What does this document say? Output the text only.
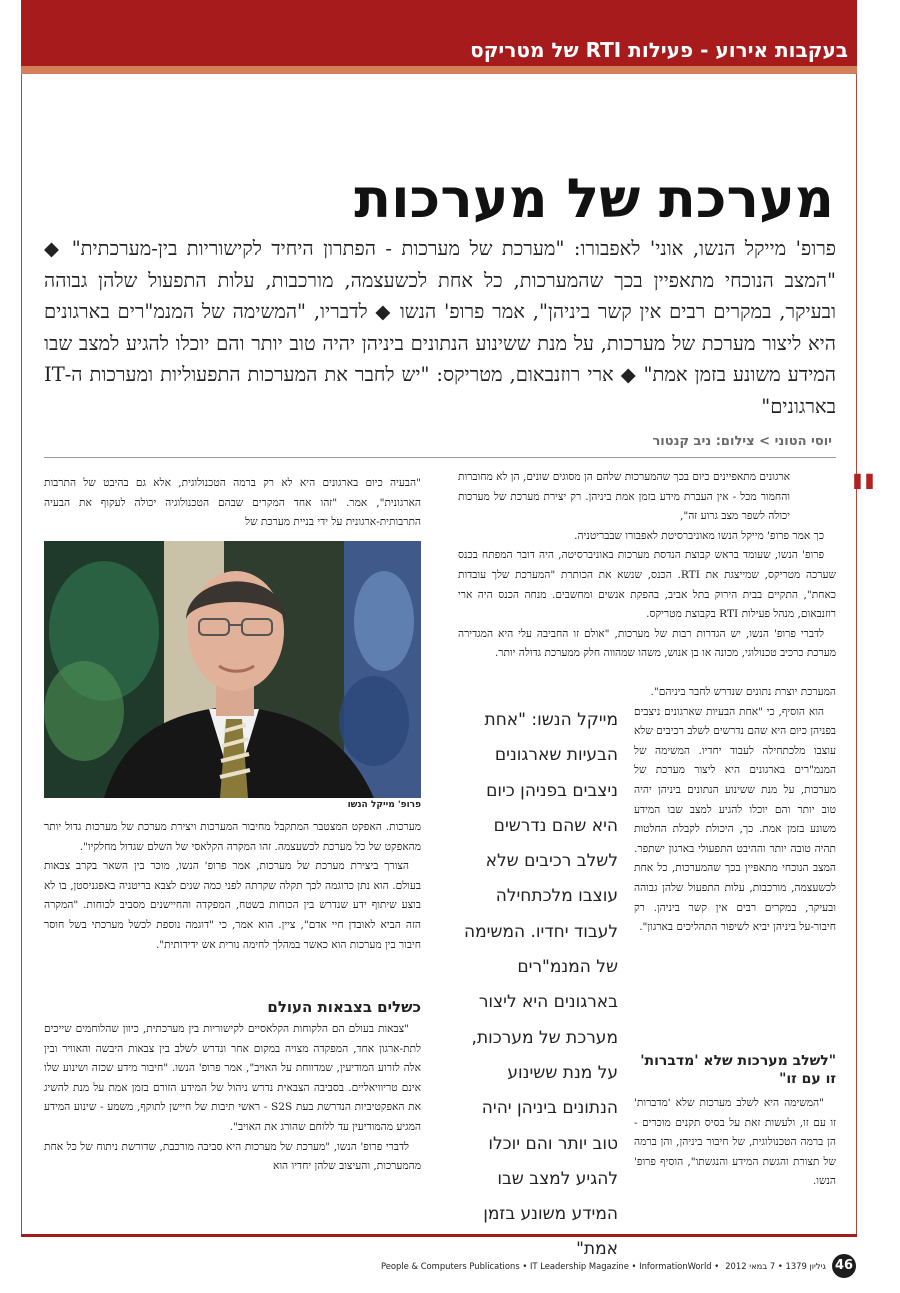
בעקבות אירוע - פעילות RTI של מטריקס
מערכת של מערכות
פרופ' מייקל הנשו, אוני' לאפבורו: "מערכת של מערכות - הפתרון היחיד לקישוריות בין-מערכתית" ◆ "המצב הנוכחי מתאפיין בכך שהמערכות, כל אחת לכשעצמה, מורכבות, עלות התפעול שלהן גבוהה ובעיקר, במקרים רבים אין קשר ביניהן", אמר פרופ' הנשו ◆ לדבריו, "המשימה של המנמ"רים בארגונים היא ליצור מערכת של מערכות, על מנת ששינוע הנתונים ביניהן יהיה טוב יותר והם יוכלו להגיע למצב שבו המידע משונע בזמן אמת" ◆ ארי רוזנבאום, מטריקס: "יש לחבר את המערכות התפעוליות ומערכות ה-IT בארגונים"
יוסי הטוני > צילום: ניב קנטור
"

ארגונים מתאפיינים כיום בכך שהמערכות שלהם הן מסוגים שונים, הן לא מחוברות והחמור מכל - אין העברת מידע בזמן אמת ביניהן. רק יצירת מערכת של מערכות יכולה לשפר מצב גרוע זה",

כך אמר פרופ' מייקל הנשו מאוניברסיטת לאפבורו שבבריטניה.

פרופ' הנשו, שעומד בראש קבוצת הנדסת מערכות באוניברסיטה, היה דובר המפתח בכנס שערכה מטריקס, שמייצגת את RTI. הכנס, שנשא את הכותרת "המערכת שלך עובדות כאחת", התקיים בבית הירוק בתל אביב, בהפקת אנשים ומחשבים. מנחה הכנס היה ארי רוזנבאום, מנהל פעילות RTI בקבוצת מטריקס.

לדברי פרופ' הנשו, יש הגדרות רבות של מערכות, "אולם זו החביבה עלי היא המגדירה מערכת כרכיב טכנולוגי, מכונה או בן אנוש, משהו שמהווה חלק ממערכת גדולה יותר.

המערכת יוצרת נתונים שנדרש לחבר ביניהם".

הוא הוסיף, כי "אחת הבעיות שארגונים ניצבים בפניהן כיום היא שהם נדרשים לשלב רכיבים שלא עוצבו מלכתחילה לעבוד יחדיו. המשימה של המנמ"רים בארגונים היא ליצור מערכת של מערכות, על מנת ששינוע הנתונים ביניהן יהיה טוב יותר והם יוכלו להגיע למצב שבו המידע משונע בזמן אמת. כך, היכולת לקבלת החלטות תהיה טובה יותר וההיבט התפעולי בארגון ישתפר. המצב הנוכחי מתאפיין בכך שהמערכות, כל אחת לכשעצמה, מורכבות, עלות התפעול שלהן גבוהה ובעיקר, במקרים רבים אין קשר ביניהן. רק חיבור-על ביניהן יביא לשיפור התהליכים בארגון".

"לשלב מערכות שלא 'מדברות' זו עם זו"

"המשימה היא לשלב מערכות שלא 'מדברות' זו עם זו, ולעשות זאת על בסיס תקנים מוכרים - הן ברמה הטכנולוגית, של חיבור ביניהן, והן ברמה של תצורת והגשת המידע והנגשתו", הוסיף פרופ' הנשו.

מייקל הנשו: "אחת הבעיות שארגונים ניצבים בפניהן כיום היא שהם נדרשים לשלב רכיבים שלא עוצבו מלכתחילה לעבוד יחדיו. המשימה של המנמ"רים בארגונים היא ליצור מערכת של מערכות, על מנת ששינוע הנתונים ביניהן יהיה טוב יותר והם יוכלו להגיע למצב שבו המידע משונע בזמן אמת"

"הבעיה כיום בארגונים היא לא רק ברמה הטכנולוגית, אלא גם בהיבט של התרבות הארגונית", אמר. "זהו אחד המקרים שבהם הטכנולוגיה יכולה לעקוף את הבעיה התרבותית-ארגונית על ידי בניית מערכת של

פרופ' מייקל הנשו

מערכות. האפקט המצטבר המתקבל מחיבור המערכות ויצירת מערכת של מערכות גדול יותר מהאפקט של כל מערכת לכשעצמה. זהו המקרה הקלאסי של השלם שגדול מחלקיו".

הצורך ביצירת מערכת של מערכות, אמר פרופ' הנשו, מוכר בין השאר בקרב צבאות בעולם. הוא נתן כדוגמה לכך תקלה שקרתה לפני כמה שנים לצבא בריטניה באפגניסטן, בו לא בוצע שיתוף ידע שנדרש בין הכוחות בשטח, המפקדה והחיישנים מסביב לכוחות. "המקרה הזה הביא לאובדן חיי אדם", ציין. הוא אמר, כי "דוגמה נוספת לכשל מערכתי בשל חוסר חיבור בין מערכות הוא כאשר במהלך לחימה נורית אש ידידותית".

כשלים בצבאות העולם

"צבאות בעולם הם הלקוחות הקלאסיים לקישוריות בין מערכתית, כיוון שהלוחמים שייכים לתת-ארגון אחד, המפקדה מצויה במקום אחר ונדרש לשלב בין צבאות היבשה והאוויר ובין אלה לזרוע המודיעין, שמדווחת על האויב", אמר פרופ' הנשו. "חיבור מידע שכזה ושינוע שלו אינם טריוויאליים. בסביבה הצבאית נדרש ניהול של המידע הזורם בזמן אמת על מנת להשיג את האפקטיביות הנדרשת בעת S2S - ראשי תיבות של חיישן לתוקף, משמע - שינוע המידע המגיע מהמודיעין עד ללוחם שהורג את האויב".

לדברי פרופ' הנשו, "מערכת של מערכות היא סביבה מורכבת, שדורשת ניתוח של כל אחת מהמערכות, והעיצוב שלהן יחדיו הוא

People & Computers Publications • IT Leadership Magazine • InformationWorld • גיליון 1379 • 7 במאי 2012 46
